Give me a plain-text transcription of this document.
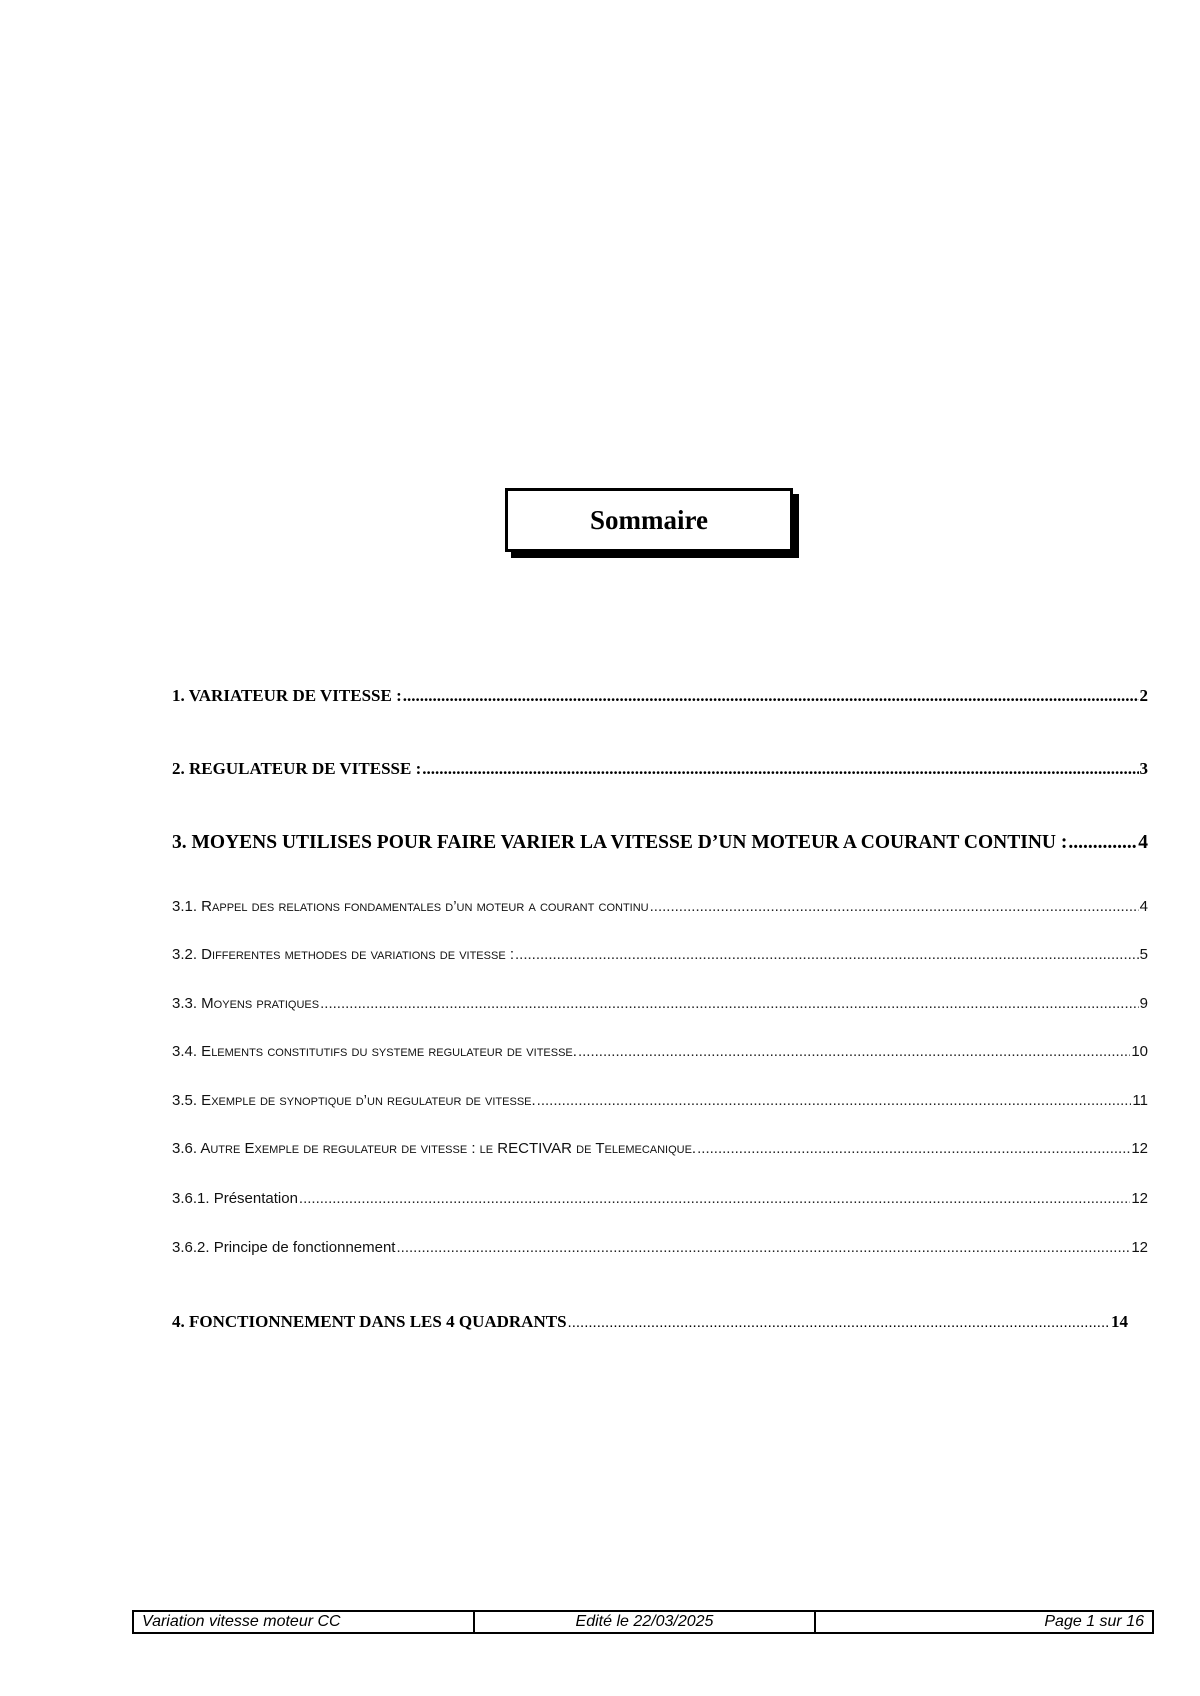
Sommaire
1. VARIATEUR DE VITESSE : .....	2
2. REGULATEUR DE VITESSE : .....	3
3. MOYENS UTILISES POUR FAIRE VARIER LA VITESSE D’UN MOTEUR A COURANT CONTINU : .....	4
3.1. Rappel des relations fondamentales d’un moteur a courant continu .....	4
3.2. Differentes methodes de variations de vitesse : .....	5
3.3. Moyens pratiques .....	9
3.4. Elements constitutifs du systeme regulateur de vitesse. .....	10
3.5. Exemple de synoptique d’un regulateur de vitesse. .....	11
3.6. Autre Exemple de regulateur de vitesse : le RECTIVAR de Telemecanique. .....	12
3.6.1. Présentation .....	12
3.6.2. Principe de fonctionnement .....	12
4. FONCTIONNEMENT DANS LES 4 QUADRANTS .....	14
Variation vitesse moteur CC	Edité le 22/03/2025	Page 1 sur 16
